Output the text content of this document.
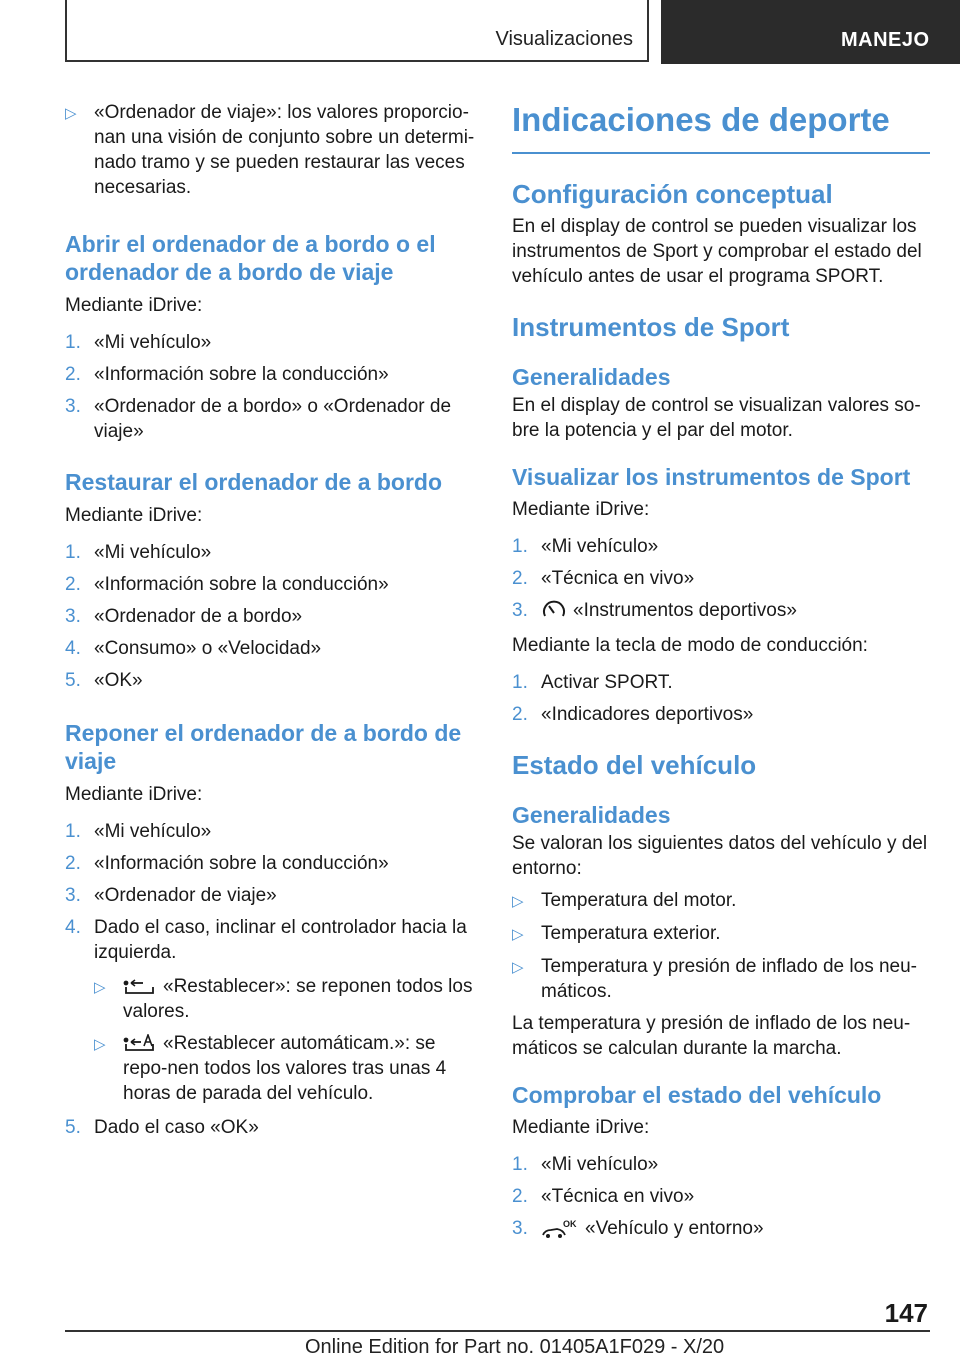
Visualizaciones	MANEJO
▷ «Ordenador de viaje»: los valores proporcio‐nan una visión de conjunto sobre un determi‐nado tramo y se pueden restaurar las veces necesarias.

Abrir el ordenador de a bordo o el ordenador de a bordo de viaje

Mediante iDrive:

1. «Mi vehículo»
2. «Información sobre la conducción»
3. «Ordenador de a bordo» o «Ordenador de viaje»

Restaurar el ordenador de a bordo

Mediante iDrive:

1. «Mi vehículo»
2. «Información sobre la conducción»
3. «Ordenador de a bordo»
4. «Consumo» o «Velocidad»
5. «OK»

Reponer el ordenador de a bordo de viaje

Mediante iDrive:

1. «Mi vehículo»
2. «Información sobre la conducción»
3. «Ordenador de viaje»
4. Dado el caso, inclinar el controlador hacia la izquierda.
▷	«Restablecer»: se reponen todos los valores.
▷	«Restablecer automáticam.»: se repo‐nen todos los valores tras unas 4 horas de parada del vehículo.
5. Dado el caso «OK»

Indicaciones de deporte

Configuración conceptual

En el display de control se pueden visualizar los instrumentos de Sport y comprobar el estado del vehículo antes de usar el programa SPORT.

Instrumentos de Sport

Generalidades

En el display de control se visualizan valores so‐bre la potencia y el par del motor.

Visualizar los instrumentos de Sport

Mediante iDrive:

1. «Mi vehículo»
2. «Técnica en vivo»
3.	«Instrumentos deportivos»

Mediante la tecla de modo de conducción:

1. Activar SPORT.
2. «Indicadores deportivos»

Estado del vehículo

Generalidades

Se valoran los siguientes datos del vehículo y del entorno:

▷ Temperatura del motor.
▷ Temperatura exterior.
▷ Temperatura y presión de inflado de los neu‐máticos.

La temperatura y presión de inflado de los neu‐máticos se calculan durante la marcha.

Comprobar el estado del vehículo

Mediante iDrive:

1. «Mi vehículo»
2. «Técnica en vivo»
3.	OK «Vehículo y entorno»
147
Online Edition for Part no. 01405A1F029 - X/20
